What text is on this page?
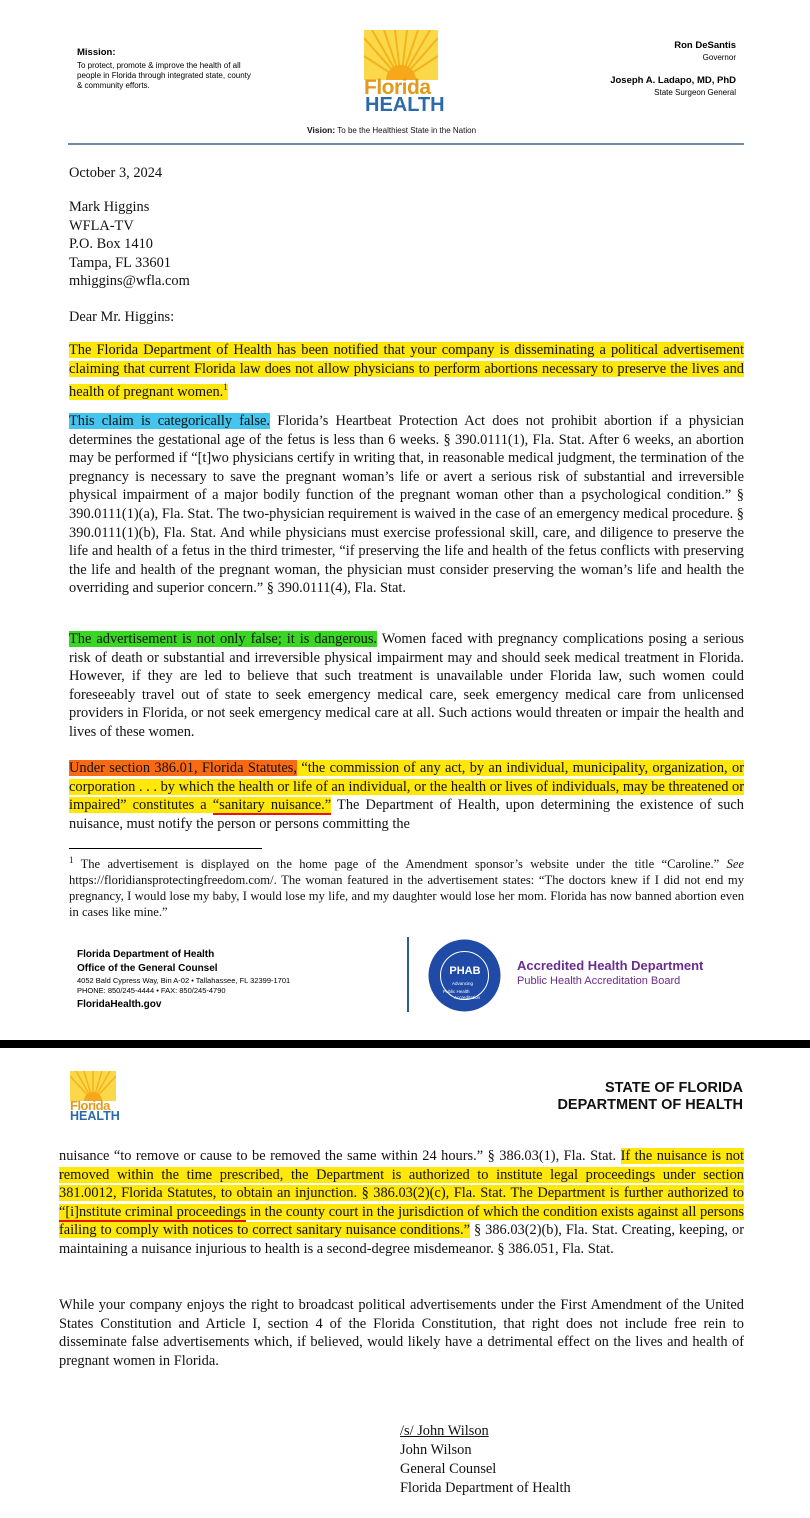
Mission:
To protect, promote & improve the health of all people in Florida through integrated state, county & community efforts.	Florida
HEALTH
Ron DeSantis
Governor
Joseph A. Ladapo, MD, PhD
State Surgeon General
Vision: To be the Healthiest State in the Nation
October 3, 2024
Mark Higgins
WFLA-TV
P.O. Box 1410
Tampa, FL 33601
mhiggins@wfla.com
Dear Mr. Higgins:
The Florida Department of Health has been notified that your company is disseminating a political advertisement claiming that current Florida law does not allow physicians to perform abortions necessary to preserve the lives and health of pregnant women.$^1$
This claim is categorically false. Florida’s Heartbeat Protection Act does not prohibit abortion if a physician determines the gestational age of the fetus is less than 6 weeks. § 390.0111(1), Fla. Stat. After 6 weeks, an abortion may be performed if “[t]wo physicians certify in writing that, in reasonable medical judgment, the termination of the pregnancy is necessary to save the pregnant woman’s life or avert a serious risk of substantial and irreversible physical impairment of a major bodily function of the pregnant woman other than a psychological condition.” § 390.0111(1)(a), Fla. Stat. The two-physician requirement is waived in the case of an emergency medical procedure. § 390.0111(1)(b), Fla. Stat. And while physicians must exercise professional skill, care, and diligence to preserve the life and health of a fetus in the third trimester, “if preserving the life and health of the fetus conflicts with preserving the life and health of the pregnant woman, the physician must consider preserving the woman’s life and health the overriding and superior concern.” § 390.0111(4), Fla. Stat.
The advertisement is not only false; it is dangerous. Women faced with pregnancy complications posing a serious risk of death or substantial and irreversible physical impairment may and should seek medical treatment in Florida. However, if they are led to believe that such treatment is unavailable under Florida law, such women could foreseeably travel out of state to seek emergency medical care, seek emergency medical care from unlicensed providers in Florida, or not seek emergency medical care at all. Such actions would threaten or impair the health and lives of these women.
Under section 386.01, Florida Statutes, “the commission of any act, by an individual, municipality, organization, or corporation . . . by which the health or life of an individual, or the health or lives of individuals, may be threatened or impaired” constitutes a “sanitary nuisance.” The Department of Health, upon determining the existence of such nuisance, must notify the person or persons committing the
$^1$ The advertisement is displayed on the home page of the Amendment sponsor’s website under the title “Caroline.” See https://floridiansprotectingfreedom.com/. The woman featured in the advertisement states: “The doctors knew if I did not end my pregnancy, I would lose my baby, I would lose my life, and my daughter would lose her mom. Florida has now banned abortion even in cases like mine.”
Florida Department of Health
Office of the General Counsel
4052 Bald Cypress Way, Bin A-02 • Tallahassee, FL 32399-1701
PHONE: 850/245-4444 • FAX: 850/245-4790
FloridaHealth.gov
Public Health
Accreditation
Advancing
PHAB	Accredited Health Department
Public Health Accreditation Board
Florida
HEALTH
STATE OF FLORIDA
DEPARTMENT OF HEALTH
nuisance “to remove or cause to be removed the same within 24 hours.” § 386.03(1), Fla. Stat. If the nuisance is not removed within the time prescribed, the Department is authorized to institute legal proceedings under section 381.0012, Florida Statutes, to obtain an injunction. § 386.03(2)(c), Fla. Stat. The Department is further authorized to “[i]nstitute criminal proceedings in the county court in the jurisdiction of which the condition exists against all persons failing to comply with notices to correct sanitary nuisance conditions.” § 386.03(2)(b), Fla. Stat. Creating, keeping, or maintaining a nuisance injurious to health is a second-degree misdemeanor. § 386.051, Fla. Stat.
While your company enjoys the right to broadcast political advertisements under the First Amendment of the United States Constitution and Article I, section 4 of the Florida Constitution, that right does not include free rein to disseminate false advertisements which, if believed, would likely have a detrimental effect on the lives and health of pregnant women in Florida.
/s/ John Wilson
John Wilson
General Counsel
Florida Department of Health
